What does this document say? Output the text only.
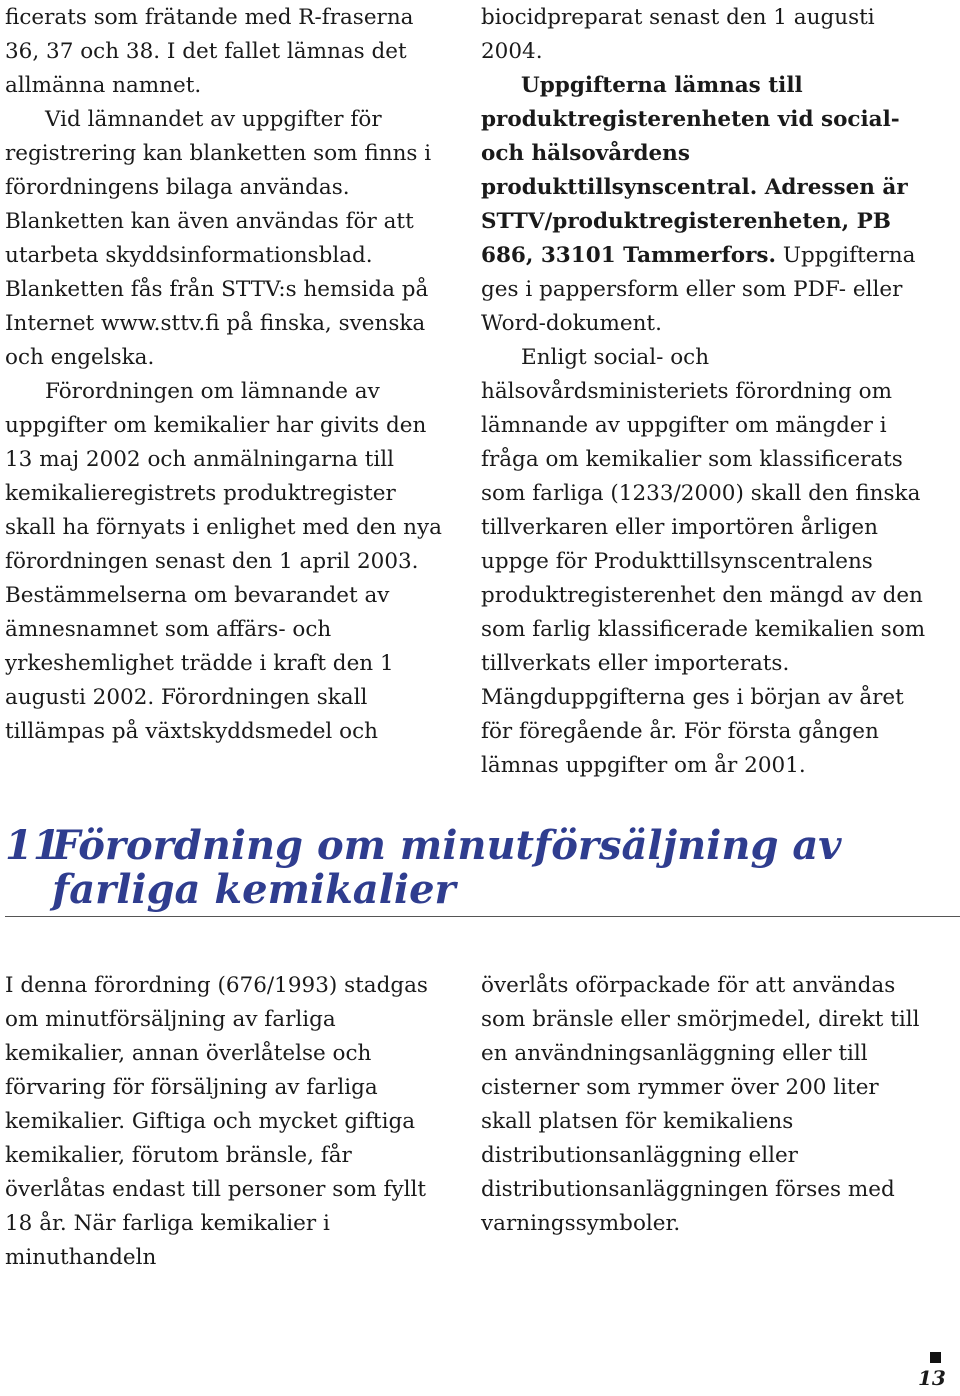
ficerats som frätande med R-fraserna 36, 37 och 38. I det fallet lämnas det allmänna namnet.

Vid lämnandet av uppgifter för registrering kan blanketten som finns i förordningens bilaga användas. Blanketten kan även användas för att utarbeta skyddsinformationsblad. Blanketten fås från STTV:s hemsida på Internet www.sttv.fi på finska, svenska och engelska.

Förordningen om lämnande av uppgifter om kemikalier har givits den 13 maj 2002 och anmälningarna till kemikalieregistrets produktregister skall ha förnyats i enlighet med den nya förordningen senast den 1 april 2003. Bestämmelserna om bevarandet av ämnesnamnet som affärs- och yrkeshemlighet trädde i kraft den 1 augusti 2002. Förordningen skall tillämpas på växtskyddsmedel och

biocidpreparat senast den 1 augusti 2004.

Uppgifterna lämnas till produktregisterenheten vid social- och hälsovårdens produkttillsynscentral. Adressen är STTV/produktregisterenheten, PB 686, 33101 Tammerfors. Uppgifterna ges i pappersform eller som PDF- eller Word-dokument.

Enligt social- och hälsovårdsministeriets förordning om lämnande av uppgifter om mängder i fråga om kemikalier som klassificerats som farliga (1233/2000) skall den finska tillverkaren eller importören årligen uppge för Produkttillsynscentralens produktregisterenhet den mängd av den som farlig klassificerade kemikalien som tillverkats eller importerats. Mängduppgifterna ges i början av året för föregående år. För första gången lämnas uppgifter om år 2001.

11Förordning om minutförsäljning av
farliga kemikalier

I denna förordning (676/1993) stadgas om minutförsäljning av farliga kemikalier, annan överlåtelse och förvaring för försäljning av farliga kemikalier. Giftiga och mycket giftiga kemikalier, förutom bränsle, får överlåtas endast till personer som fyllt 18 år. När farliga kemikalier i minuthandeln

överlåts oförpackade för att användas som bränsle eller smörjmedel, direkt till en användningsanläggning eller till cisterner som rymmer över 200 liter skall platsen för kemikaliens distributionsanläggning eller distributionsanläggningen förses med varningssymboler.

13
